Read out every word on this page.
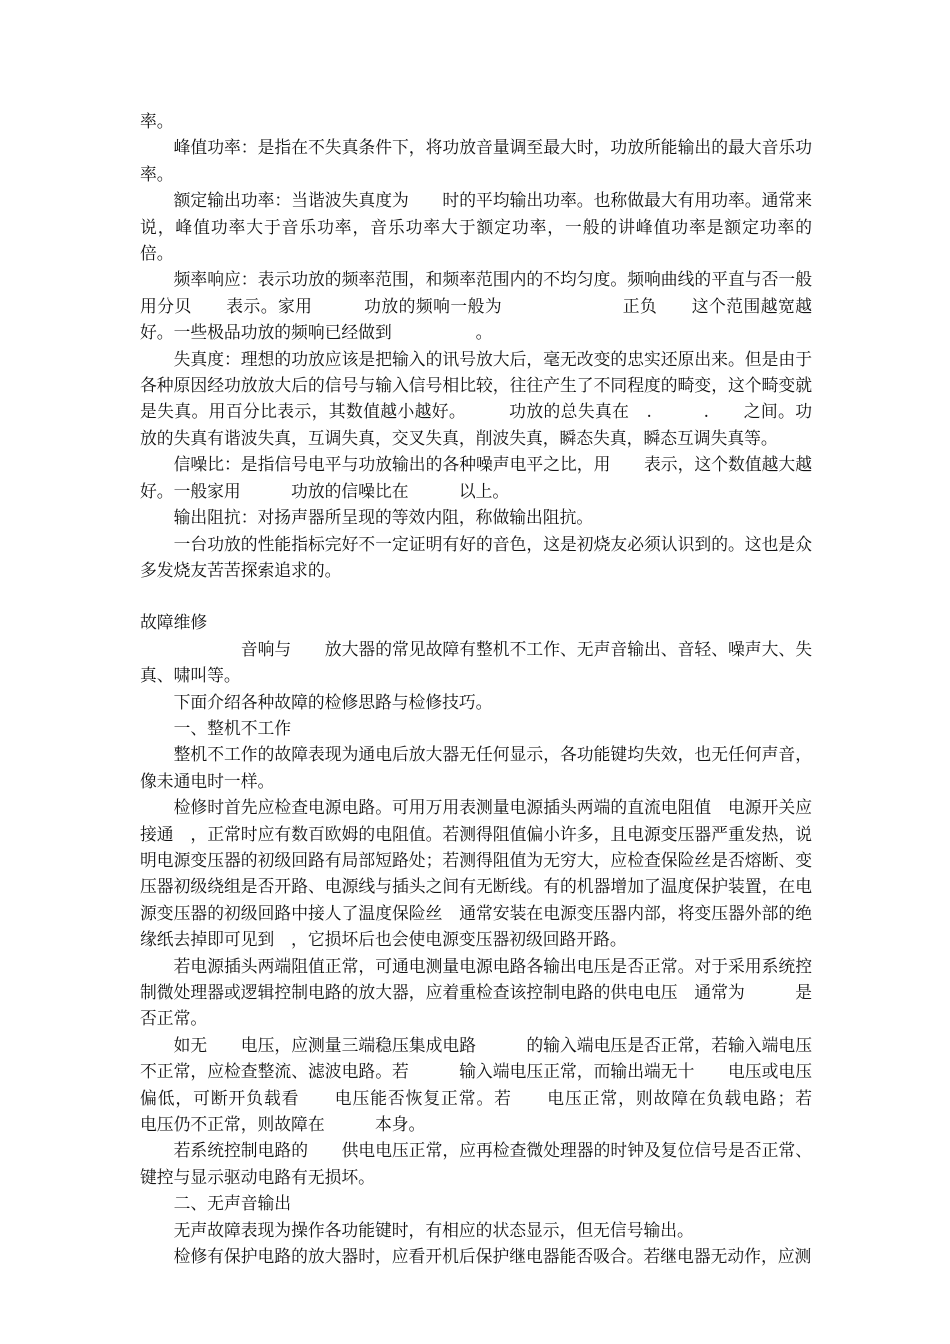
率。

峰值功率：是指在不失真条件下，将功放音量调至最大时，功放所能输出的最大音乐功率。

额定输出功率：当谐波失真度为　　时的平均输出功率。也称做最大有用功率。通常来说，峰值功率大于音乐功率，音乐功率大于额定功率，一般的讲峰值功率是额定功率的　　　　倍。

频率响应：表示功放的频率范围，和频率范围内的不均匀度。频响曲线的平直与否一般用分贝　　表示。家用　　　功放的频响一般为　　　　　　　正负　　这个范围越宽越好。一些极品功放的频响已经做到　　　　　。

失真度：理想的功放应该是把输入的讯号放大后，毫无改变的忠实还原出来。但是由于各种原因经功放放大后的信号与输入信号相比较，往往产生了不同程度的畸变，这个畸变就是失真。用百分比表示，其数值越小越好。　　　功放的总失真在　.　　　.　　之间。功放的失真有谐波失真，互调失真，交叉失真，削波失真，瞬态失真，瞬态互调失真等。

信噪比：是指信号电平与功放输出的各种噪声电平之比，用　　表示，这个数值越大越好。一般家用　　　功放的信噪比在　　　以上。

输出阻抗：对扬声器所呈现的等效内阻，称做输出阻抗。

一台功放的性能指标完好不一定证明有好的音色，这是初烧友必须认识到的。这也是众多发烧友苦苦探索追求的。

故障维修

　　　　音响与　　放大器的常见故障有整机不工作、无声音输出、音轻、噪声大、失真、啸叫等。

下面介绍各种故障的检修思路与检修技巧。

一、整机不工作

整机不工作的故障表现为通电后放大器无任何显示，各功能键均失效，也无任何声音，像未通电时一样。

检修时首先应检查电源电路。可用万用表测量电源插头两端的直流电阻值　电源开关应接通　，正常时应有数百欧姆的电阻值。若测得阻值偏小许多，且电源变压器严重发热，说明电源变压器的初级回路有局部短路处；若测得阻值为无穷大，应检查保险丝是否熔断、变压器初级绕组是否开路、电源线与插头之间有无断线。有的机器增加了温度保护装置，在电源变压器的初级回路中接人了温度保险丝　通常安装在电源变压器内部，将变压器外部的绝缘纸去掉即可见到　，它损坏后也会使电源变压器初级回路开路。

若电源插头两端阻值正常，可通电测量电源电路各输出电压是否正常。对于采用系统控制微处理器或逻辑控制电路的放大器，应着重检查该控制电路的供电电压　通常为　　　是否正常。

如无　　电压，应测量三端稳压集成电路　　　的输入端电压是否正常，若输入端电压不正常，应检查整流、滤波电路。若　　　输入端电压正常，而输出端无十　　电压或电压偏低，可断开负载看　　电压能否恢复正常。若　　电压正常，则故障在负载电路；若　　电压仍不正常，则故障在　　　本身。

若系统控制电路的　　供电电压正常，应再检查微处理器的时钟及复位信号是否正常、键控与显示驱动电路有无损坏。

二、无声音输出

无声故障表现为操作各功能键时，有相应的状态显示，但无信号输出。

检修有保护电路的放大器时，应看开机后保护继电器能否吸合。若继电器无动作，应测
